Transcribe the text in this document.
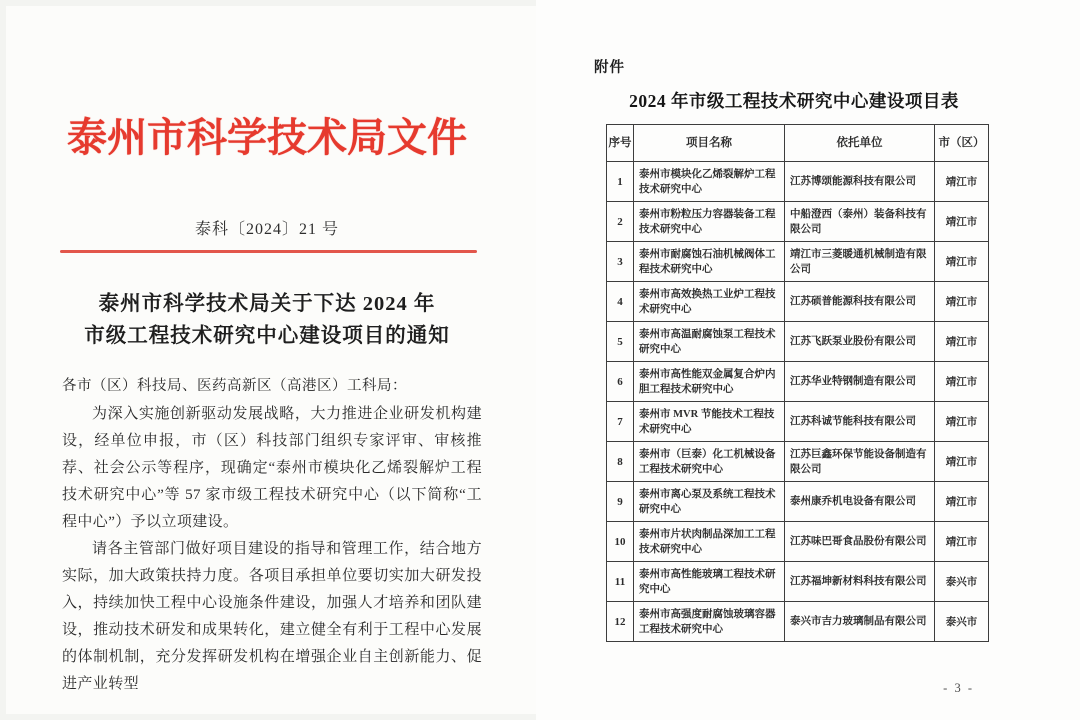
泰州市科学技术局文件
泰科〔2024〕21 号
泰州市科学技术局关于下达 2024 年
市级工程技术研究中心建设项目的通知
各市（区）科技局、医药高新区（高港区）工科局：

为深入实施创新驱动发展战略，大力推进企业研发机构建设，经单位申报，市（区）科技部门组织专家评审、审核推荐、社会公示等程序，现确定“泰州市模块化乙烯裂解炉工程技术研究中心”等 57 家市级工程技术研究中心（以下简称“工程中心”）予以立项建设。

请各主管部门做好项目建设的指导和管理工作，结合地方实际，加大政策扶持力度。各项目承担单位要切实加大研发投入，持续加快工程中心设施条件建设，加强人才培养和团队建设，推动技术研发和成果转化，建立健全有利于工程中心发展的体制机制，充分发挥研发机构在增强企业自主创新能力、促进产业转型

附件
2024 年市级工程技术研究中心建设项目表
序号	项目名称	依托单位	市（区）
1	泰州市模块化乙烯裂解炉工程技术研究中心	江苏博颂能源科技有限公司	靖江市
2	泰州市粉粒压力容器装备工程技术研究中心	中船澄西（泰州）装备科技有限公司	靖江市
3	泰州市耐腐蚀石油机械阀体工程技术研究中心	靖江市三菱暖通机械制造有限公司	靖江市
4	泰州市高效换热工业炉工程技术研究中心	江苏硕普能源科技有限公司	靖江市
5	泰州市高温耐腐蚀泵工程技术研究中心	江苏飞跃泵业股份有限公司	靖江市
6	泰州市高性能双金属复合炉内胆工程技术研究中心	江苏华业特钢制造有限公司	靖江市
7	泰州市 MVR 节能技术工程技术研究中心	江苏科诚节能科技有限公司	靖江市
8	泰州市（巨泰）化工机械设备工程技术研究中心	江苏巨鑫环保节能设备制造有限公司	靖江市
9	泰州市离心泵及系统工程技术研究中心	泰州康乔机电设备有限公司	靖江市
10	泰州市片状肉制品深加工工程技术研究中心	江苏味巴哥食品股份有限公司	靖江市
11	泰州市高性能玻璃工程技术研究中心	江苏福坤新材料科技有限公司	泰兴市
12	泰州市高强度耐腐蚀玻璃容器工程技术研究中心	泰兴市吉力玻璃制品有限公司	泰兴市
- 3 -
